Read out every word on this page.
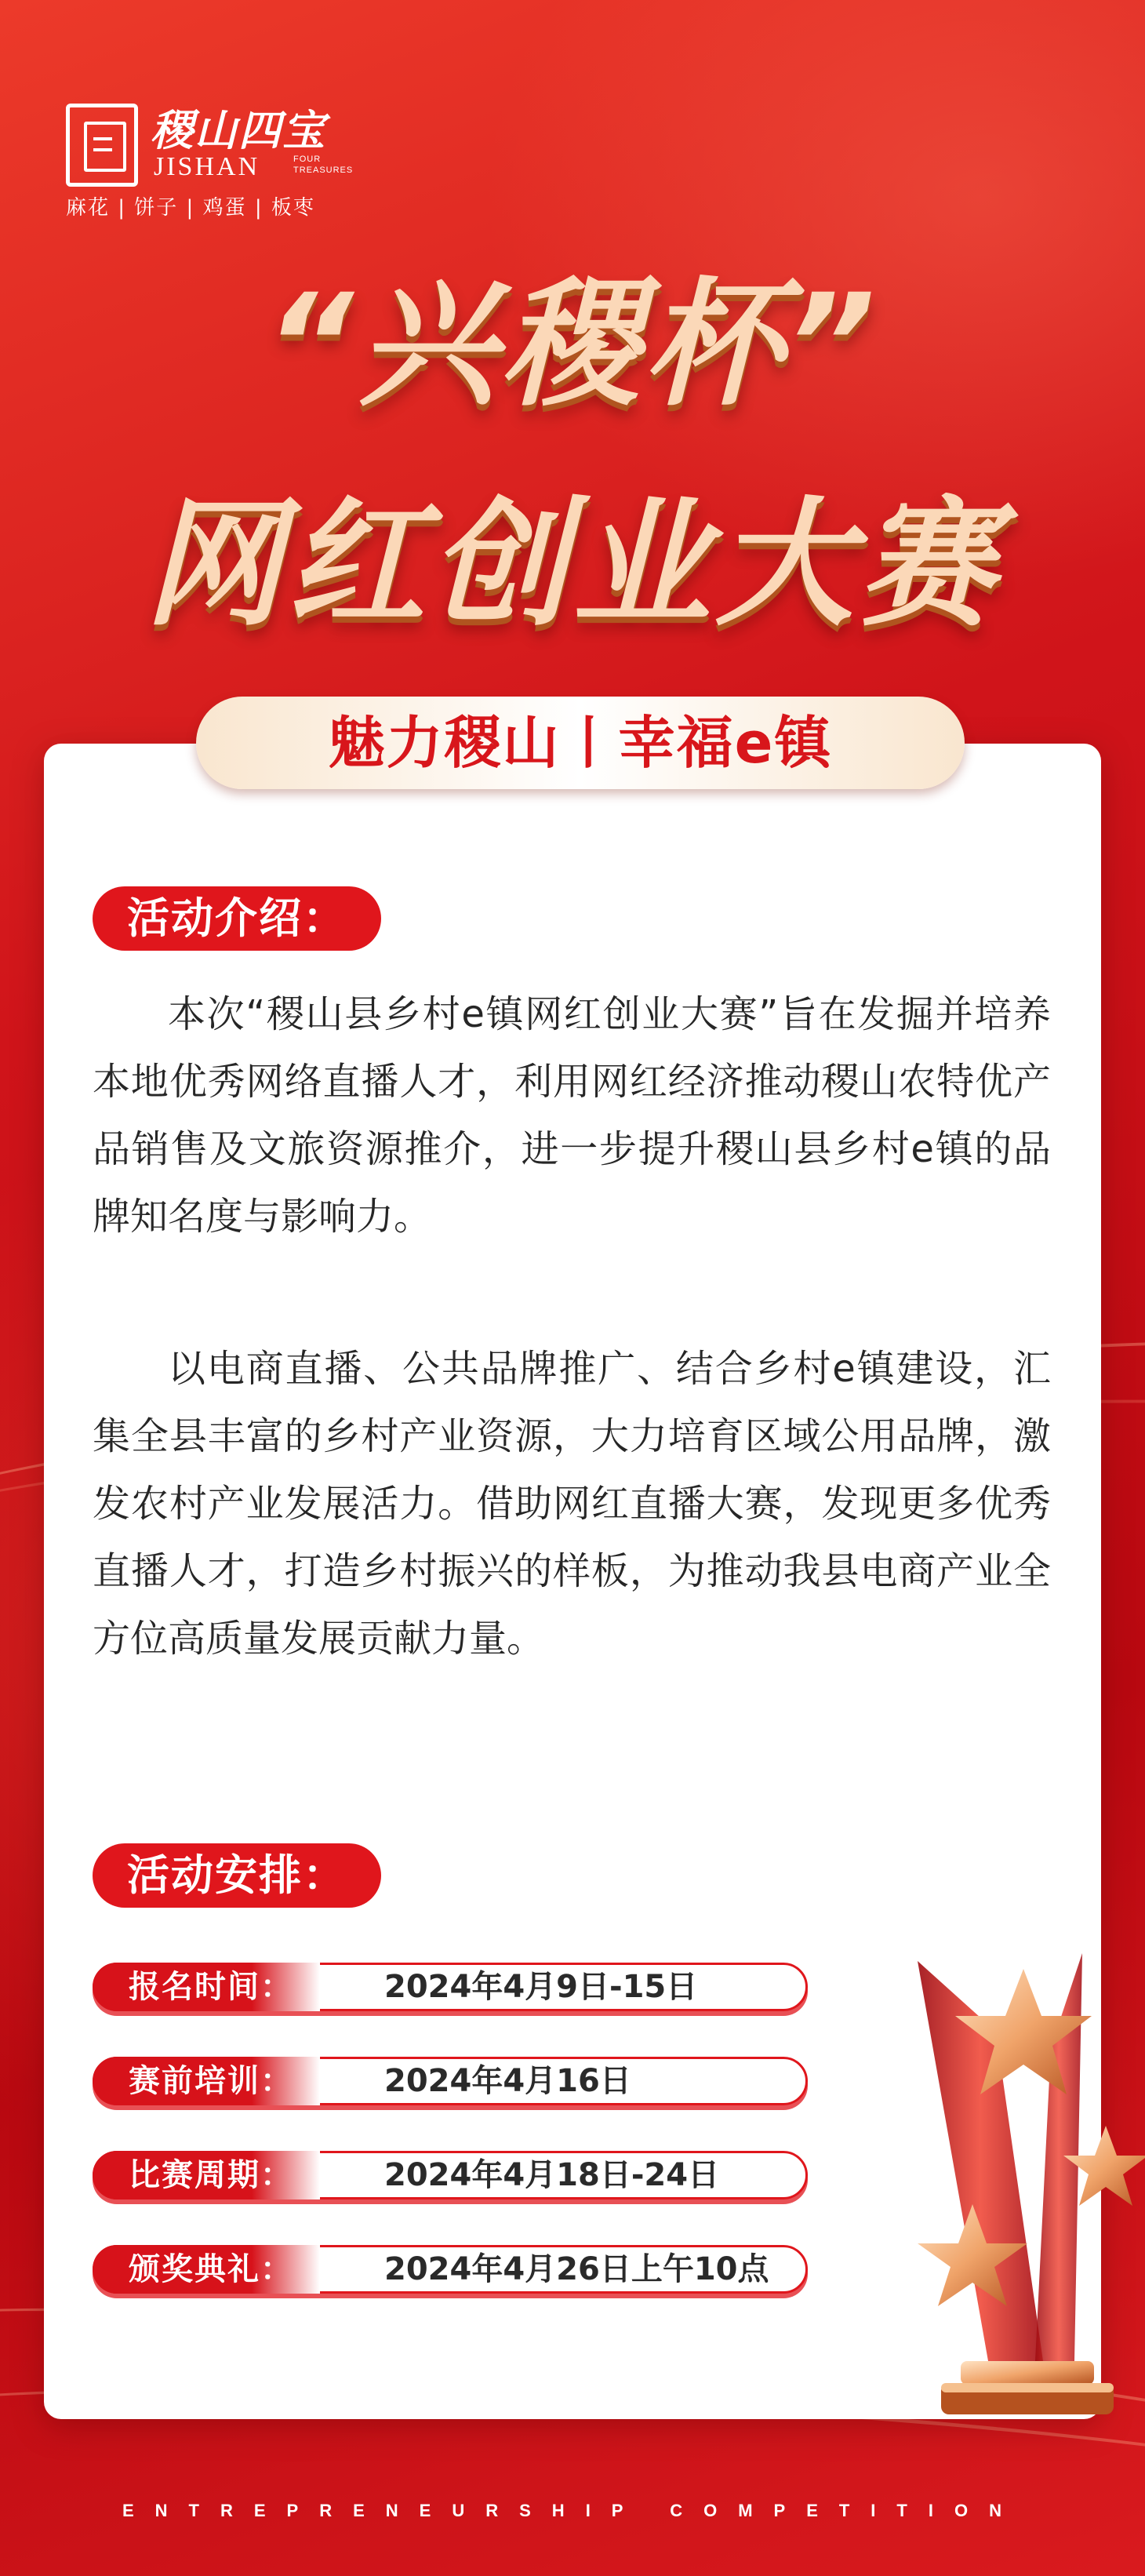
稷山四宝
JISHAN	FOUR TREASURES
麻花 | 饼子 | 鸡蛋 | 板枣
“兴稷杯”
网红创业大赛
魅力稷山丨幸福e镇
活动介绍：
本次“稷山县乡村e镇网红创业大赛”旨在发掘并培养本地优秀网络直播人才，利用网红经济推动稷山农特优产品销售及文旅资源推介，进一步提升稷山县乡村e镇的品牌知名度与影响力。
以电商直播、公共品牌推广、结合乡村e镇建设，汇集全县丰富的乡村产业资源，大力培育区域公用品牌，激发农村产业发展活力。借助网红直播大赛，发现更多优秀直播人才，打造乡村振兴的样板，为推动我县电商产业全方位高质量发展贡献力量。
活动安排：
报名时间：	2024年4月9日-15日
赛前培训：	2024年4月16日
比赛周期：	2024年4月18日-24日
颁奖典礼：	2024年4月26日上午10点
ENTREPRENEURSHIP COMPETITION
